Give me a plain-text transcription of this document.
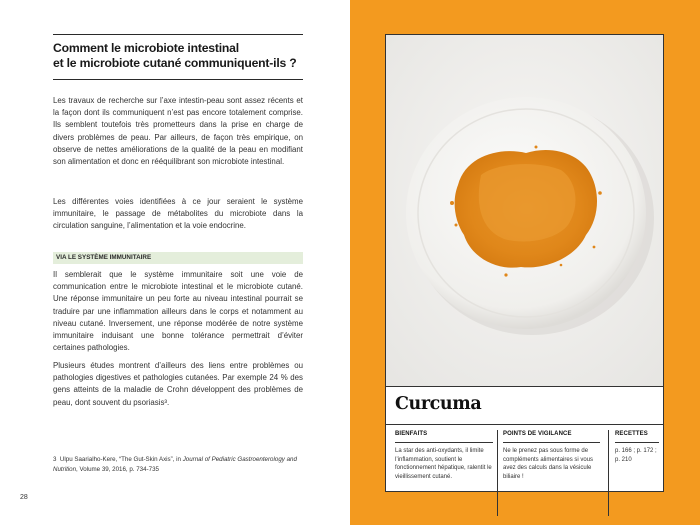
Comment le microbiote intestinal
et le microbiote cutané communiquent-ils ?

Les travaux de recherche sur l’axe intestin-peau sont assez récents et la façon dont ils communiquent n’est pas encore totalement comprise. Ils semblent toutefois très prometteurs dans la prise en charge de divers problèmes de peau. Par ailleurs, de façon très empirique, on observe de nettes améliorations de la qualité de la peau en modifiant son alimentation et donc en rééquilibrant son microbiote intestinal.

Les différentes voies identifiées à ce jour seraient le système immunitaire, le passage de métabolites du microbiote dans la circulation sanguine, l’alimentation et la voie endocrine.

VIA LE SYSTÈME IMMUNITAIRE

Il semblerait que le système immunitaire soit une voie de communication entre le microbiote intestinal et le microbiote cutané. Une réponse immunitaire un peu forte au niveau intestinal pourrait se traduire par une inflammation ailleurs dans le corps et notamment au niveau cutané. Inversement, une réponse modérée de notre système immunitaire induisant une bonne tolérance permettrait d’éviter certaines pathologies.

Plusieurs études montrent d’ailleurs des liens entre problèmes ou pathologies digestives et pathologies cutanées. Par exemple 24 % des gens atteints de la maladie de Crohn développent des problèmes de peau, dont souvent du psoriasis³.

3 Ulpu Saarialho-Kere, “The Gut-Skin Axis”, in Journal of Pediatric Gastroenterology and Nutrition, Volume 39, 2016, p. 734-735

28
Curcuma
BIENFAITS
La star des anti-oxydants, il limite l’inflammation, soutient le fonctionnement hépatique, ralentit le vieillissement cutané.
POINTS DE VIGILANCE
Ne le prenez pas sous forme de compléments alimentaires si vous avez des calculs dans la vésicule biliaire !
RECETTES
p. 166 ; p. 172 ; p. 210
